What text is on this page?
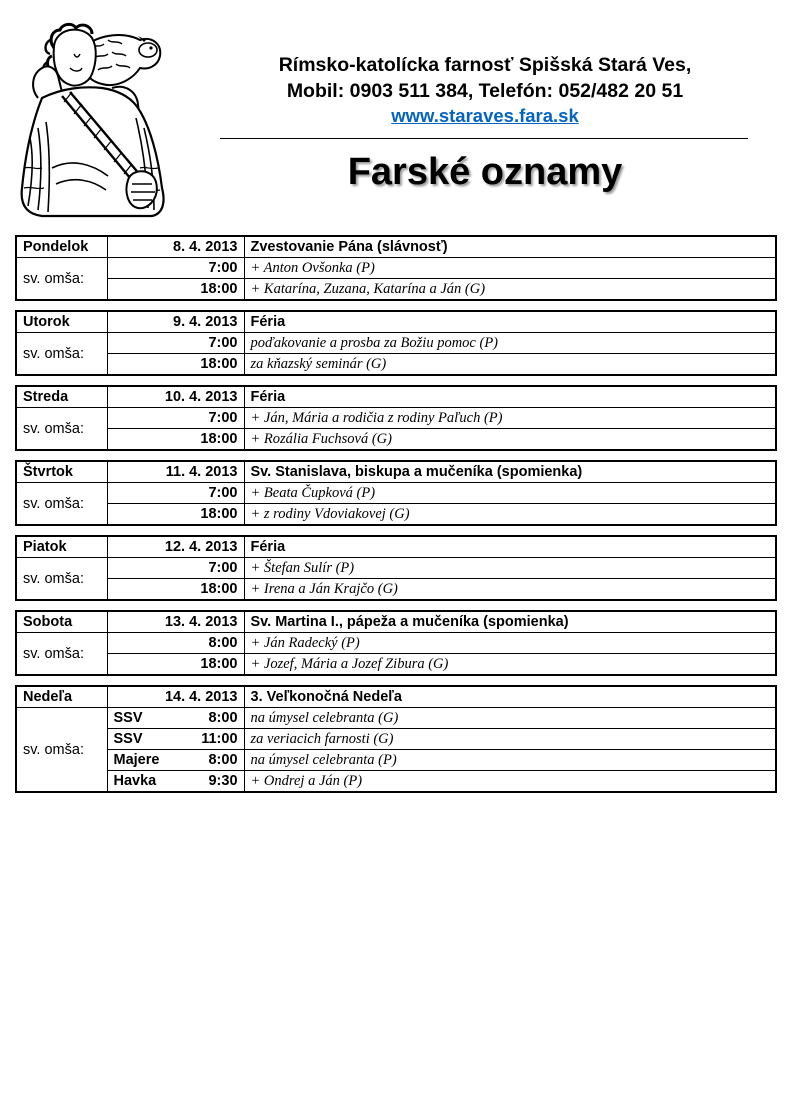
Rímsko-katolícka farnosť Spišská Stará Ves,
Mobil: 0903 511 384, Telefón: 052/482 20 51
www.staraves.fara.sk
Farské oznamy
Pondelok	8. 4. 2013	Zvestovanie Pána (slávnosť)
sv. omša:	7:00	+ Anton Ovšonka (P)
	18:00	+ Katarína, Zuzana, Katarína a Ján (G)
Utorok	9. 4. 2013	Féria
sv. omša:	7:00	poďakovanie a prosba za Božiu pomoc (P)
	18:00	za kňazský seminár (G)
Streda	10. 4. 2013	Féria
sv. omša:	7:00	+ Ján, Mária a rodičia z rodiny Paľuch (P)
	18:00	+ Rozália Fuchsová (G)
Štvrtok	11. 4. 2013	Sv. Stanislava, biskupa a mučeníka (spomienka)
sv. omša:	7:00	+ Beata Čupková (P)
	18:00	+ z rodiny Vdoviakovej (G)
Piatok	12. 4. 2013	Féria
sv. omša:	7:00	+ Štefan Sulír (P)
	18:00	+ Irena a Ján Krajčo (G)
Sobota	13. 4. 2013	Sv. Martina I., pápeža a mučeníka (spomienka)
sv. omša:	8:00	+ Ján Radecký (P)
	18:00	+ Jozef, Mária a Jozef Zibura (G)
Nedeľa	14. 4. 2013		3. Veľkonočná Nedeľa
sv. omša:	SSV	8:00	na úmysel celebranta (G)
	SSV	11:00	za veriacich farnosti (G)
	Majere	8:00	na úmysel celebranta (P)
	Havka	9:30	+ Ondrej a Ján (P)
